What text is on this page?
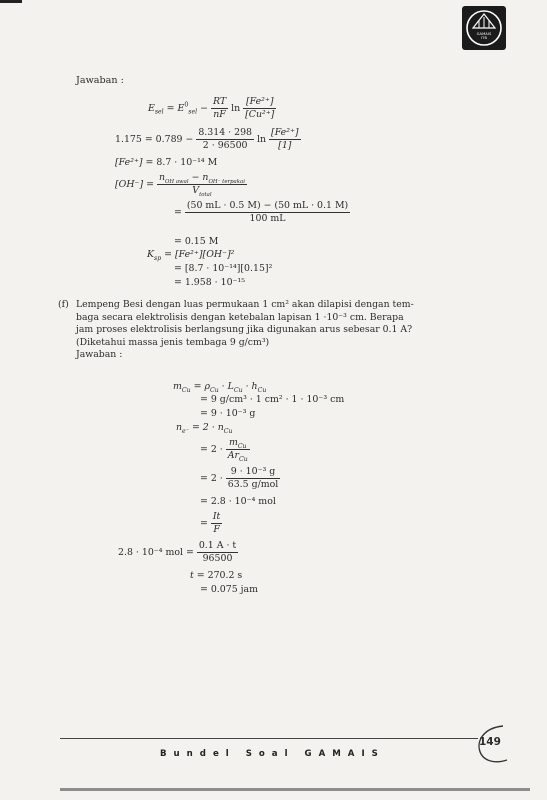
GAMAIS
ITB
Jawaban :
$E_{sel} = E^0_{sel} - \frac{RT}{nF}$ $\ln \frac{\text{[Fe²⁺]}}{\text{[Cu²⁺]}}$
$1.175 = 0.789 - \frac{8.314 \cdot 298}{2 \cdot 96500}$ $\ln \frac{\text{[Fe²⁺]}}{[1]}$
[Fe²⁺] = 8.7 · 10⁻¹⁴ M
$[OH^-] = \frac{n_{OH awal} - n_{OH^- terpakai}}{V_{total}}$
= $\frac{(50 mL \cdot 0.5 M) - (50 mL \cdot 0.1 M)}{100 mL}$
= 0.15 M
$K_{sp} = [Fe^{2+}][OH^-]^2$
= [8.7 · 10⁻¹⁴][0.15]²
= 1.958 · 10⁻¹⁵
(f) Lempeng Besi dengan luas permukaan 1 cm² akan dilapisi dengan tem-
baga secara elektrolisis dengan ketebalan lapisan 1 ·10⁻³ cm. Berapa
jam proses elektrolisis berlangsung jika digunakan arus sebesar 0.1 A?
(Diketahui massa jenis tembaga 9 g/cm³)
Jawaban :
$m_{Cu} = \rho_{Cu} \cdot L_{Cu} \cdot h_{Cu}$
= 9 g/cm³ · 1 cm² · 1 · 10⁻³ cm
= 9 · 10⁻³ g
$n_{e^-} = 2 \cdot n_{Cu}$
= $2 \cdot \frac{m_{Cu}}{Ar_{Cu}}$
= $2 \cdot \frac{\text{9 · 10⁻³ g}}{\text{63.5 g/mol}}$
= 2.8 · 10⁻⁴ mol
= $\frac{It}{F}$
2.8 · 10⁻⁴ mol = $\frac{0.1 A \cdot t}{96500}$
t = 270.2 s
= 0.075 jam
Bundel Soal GAMAIS
149
